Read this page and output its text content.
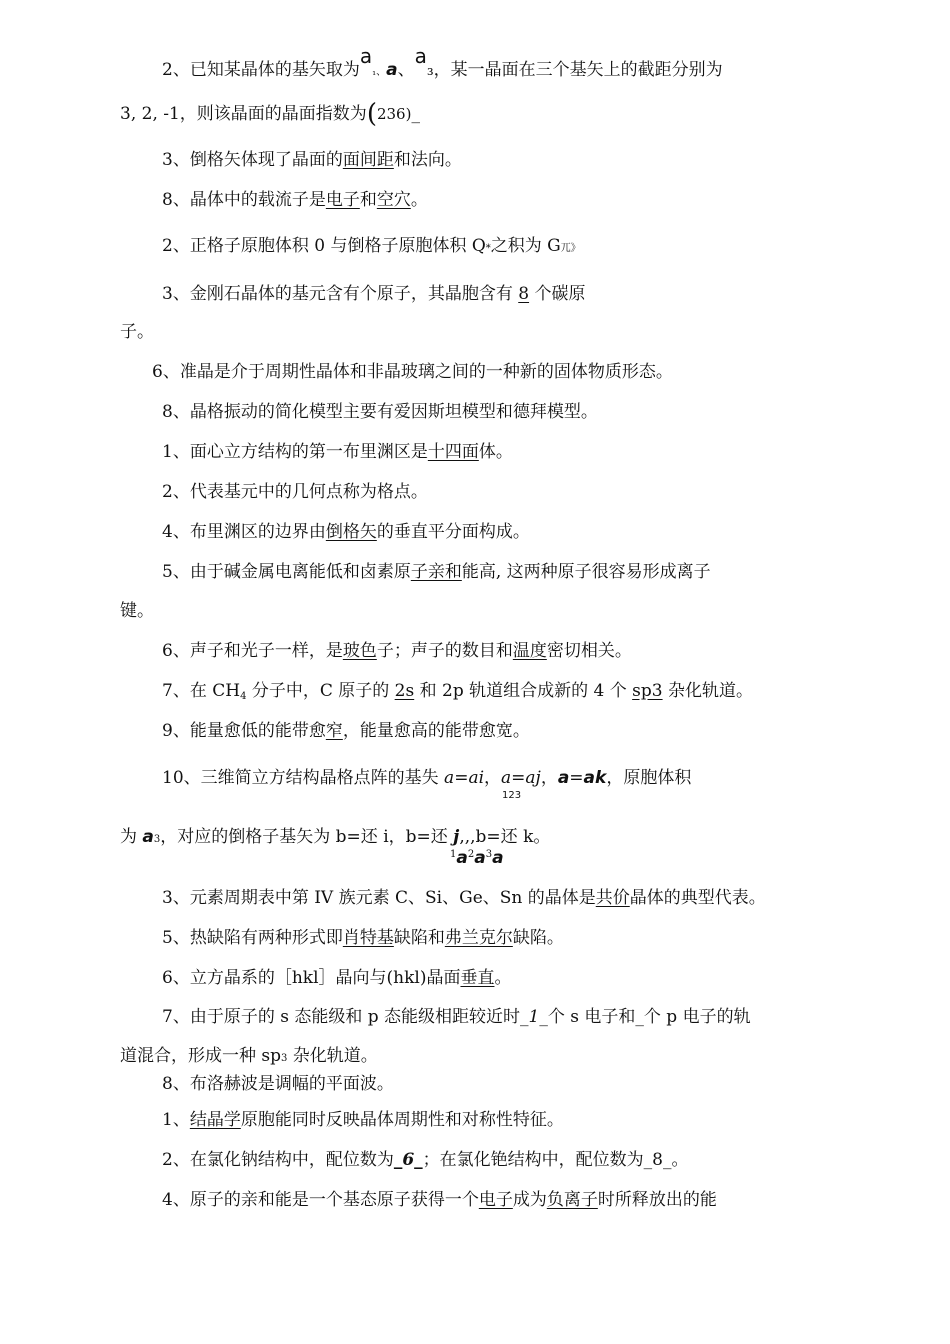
2、已知某晶体的基矢取为a₁、a、a₃，某一晶面在三个基矢上的截距分别为
3, 2, -1，则该晶面的晶面指数为(236)_
3、倒格矢体现了晶面的面间距和法向。
8、晶体中的载流子是电子和空穴。
2、正格子原胞体积 0 与倒格子原胞体积 Q*之积为 G兀》
3、金刚石晶体的基元含有个原子，其晶胞含有 8 个碳原
子。
6、准晶是介于周期性晶体和非晶玻璃之间的一种新的固体物质形态。
8、晶格振动的简化模型主要有爱因斯坦模型和德拜模型。
1、面心立方结构的第一布里渊区是十四面体。
2、代表基元中的几何点称为格点。
4、布里渊区的边界由倒格矢的垂直平分面构成。
5、由于碱金属电离能低和卤素原子亲和能高, 这两种原子很容易形成离子
键。
6、声子和光子一样，是玻色子；声子的数目和温度密切相关。
7、在 $CH_4$ 分子中，C 原子的 2s 和 2p 轨道组合成新的 4 个 sp3 杂化轨道。
9、能量愈低的能带愈窄，能量愈高的能带愈宽。
10、三维简立方结构晶格点阵的基失 a=ai，a=aj，a=ak，原胞体积
123
为 a3，对应的倒格子基矢为 b=还 i，b=还 j,,,b=还 k。
$^1a^2a^3a$
3、元素周期表中第 IV 族元素 C、Si、Ge、Sn 的晶体是共价晶体的典型代表。
5、热缺陷有两种形式即肖特基缺陷和弗兰克尔缺陷。
6、立方晶系的［hkl］晶向与(hkl)晶面垂直。
7、由于原子的 s 态能级和 p 态能级相距较近时_1_个 s 电子和_个 p 电子的轨
道混合，形成一种 sp3 杂化轨道。
8、布洛赫波是调幅的平面波。
1、结晶学原胞能同时反映晶体周期性和对称性特征。
2、在氯化钠结构中，配位数为_6_；在氯化铯结构中，配位数为_8_。
4、原子的亲和能是一个基态原子获得一个电子成为负离子时所释放出的能
